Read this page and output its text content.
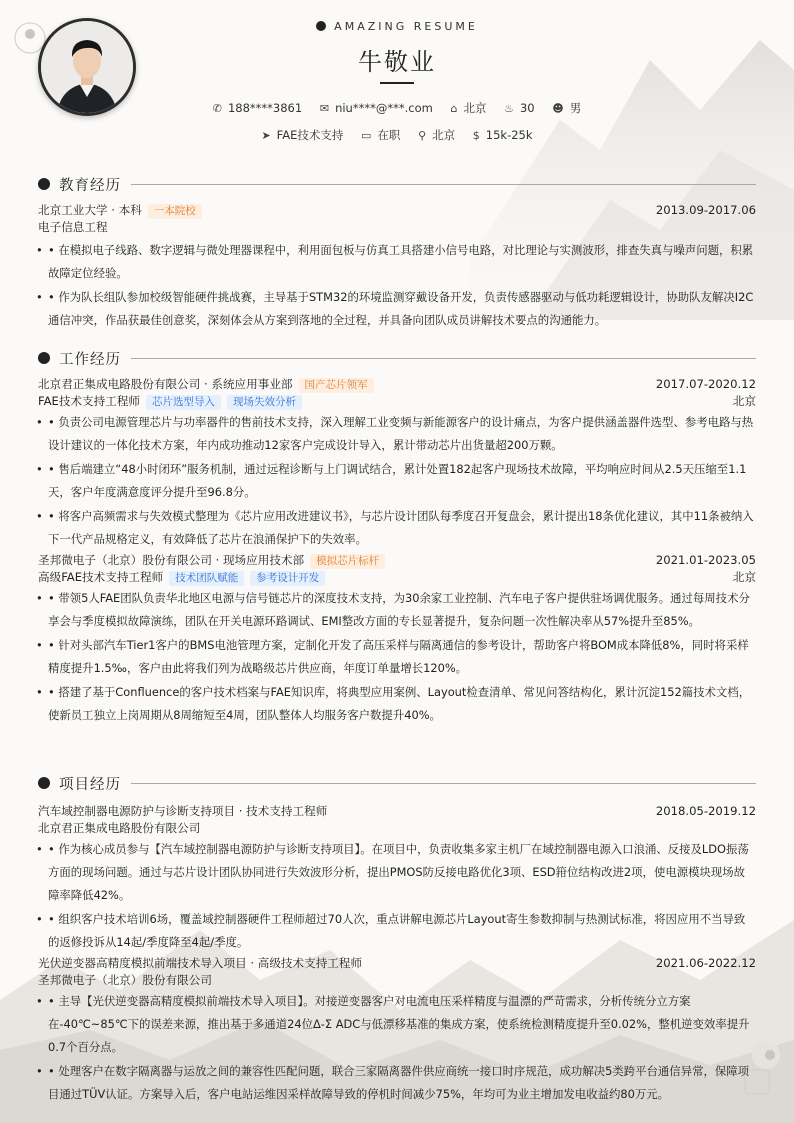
AMAZING RESUME
牛敬业
✆ 188****3861 ✉ niu****@***.com ⌂ 北京 ♨ 30 ☻ 男
➤ FAE技术支持 ▭ 在职 ⚲ 北京 $ 15k-25k
教育经历
北京工业大学 · 本科 一本院校	2013.09-2017.06
电子信息工程
• • 在模拟电子线路、数字逻辑与微处理器课程中，利用面包板与仿真工具搭建小信号电路，对比理论与实测波形，排查失真与噪声问题，积累故障定位经验。
• • 作为队长组队参加校级智能硬件挑战赛，主导基于STM32的环境监测穿戴设备开发，负责传感器驱动与低功耗逻辑设计，协助队友解决I2C通信冲突，作品获最佳创意奖，深刻体会从方案到落地的全过程，并具备向团队成员讲解技术要点的沟通能力。
工作经历
北京君正集成电路股份有限公司 · 系统应用事业部 国产芯片领军	2017.07-2020.12
FAE技术支持工程师 芯片选型导入 现场失效分析	北京
• • 负责公司电源管理芯片与功率器件的售前技术支持，深入理解工业变频与新能源客户的设计痛点，为客户提供涵盖器件选型、参考电路与热设计建议的一体化技术方案，年内成功推动12家客户完成设计导入，累计带动芯片出货量超200万颗。
• • 售后端建立“48小时闭环”服务机制，通过远程诊断与上门调试结合，累计处置182起客户现场技术故障，平均响应时间从2.5天压缩至1.1天，客户年度满意度评分提升至96.8分。
• • 将客户高频需求与失效模式整理为《芯片应用改进建议书》，与芯片设计团队每季度召开复盘会，累计提出18条优化建议，其中11条被纳入下一代产品规格定义，有效降低了芯片在浪涌保护下的失效率。
圣邦微电子（北京）股份有限公司 · 现场应用技术部 模拟芯片标杆	2021.01-2023.05
高级FAE技术支持工程师 技术团队赋能 参考设计开发	北京
• • 带领5人FAE团队负责华北地区电源与信号链芯片的深度技术支持，为30余家工业控制、汽车电子客户提供驻场调优服务。通过每周技术分享会与季度模拟故障演练，团队在开关电源环路调试、EMI整改方面的专长显著提升，复杂问题一次性解决率从57%提升至85%。
• • 针对头部汽车Tier1客户的BMS电池管理方案，定制化开发了高压采样与隔离通信的参考设计，帮助客户将BOM成本降低8%，同时将采样精度提升1.5‰，客户由此将我们列为战略级芯片供应商，年度订单量增长120%。
• • 搭建了基于Confluence的客户技术档案与FAE知识库，将典型应用案例、Layout检查清单、常见问答结构化，累计沉淀152篇技术文档，使新员工独立上岗周期从8周缩短至4周，团队整体人均服务客户数提升40%。
项目经历
汽车域控制器电源防护与诊断支持项目 · 技术支持工程师	2018.05-2019.12
北京君正集成电路股份有限公司
• • 作为核心成员参与【汽车域控制器电源防护与诊断支持项目】。在项目中，负责收集多家主机厂在域控制器电源入口浪涌、反接及LDO振荡方面的现场问题。通过与芯片设计团队协同进行失效波形分析，提出PMOS防反接电路优化3项、ESD箝位结构改进2项，使电源模块现场故障率降低42%。
• • 组织客户技术培训6场，覆盖域控制器硬件工程师超过70人次，重点讲解电源芯片Layout寄生参数抑制与热测试标准，将因应用不当导致的返修投诉从14起/季度降至4起/季度。
光伏逆变器高精度模拟前端技术导入项目 · 高级技术支持工程师	2021.06-2022.12
圣邦微电子（北京）股份有限公司
• • 主导【光伏逆变器高精度模拟前端技术导入项目】。对接逆变器客户对电流电压采样精度与温漂的严苛需求，分析传统分立方案在-40℃~85℃下的误差来源，推出基于多通道24位Δ-Σ ADC与低漂移基准的集成方案，使系统检测精度提升至0.02%，整机逆变效率提升0.7个百分点。
• • 处理客户在数字隔离器与运放之间的兼容性匹配问题，联合三家隔离器件供应商统一接口时序规范，成功解决5类跨平台通信异常，保障项目通过TÜV认证。方案导入后，客户电站运维因采样故障导致的停机时间减少75%，年均可为业主增加发电收益约80万元。
